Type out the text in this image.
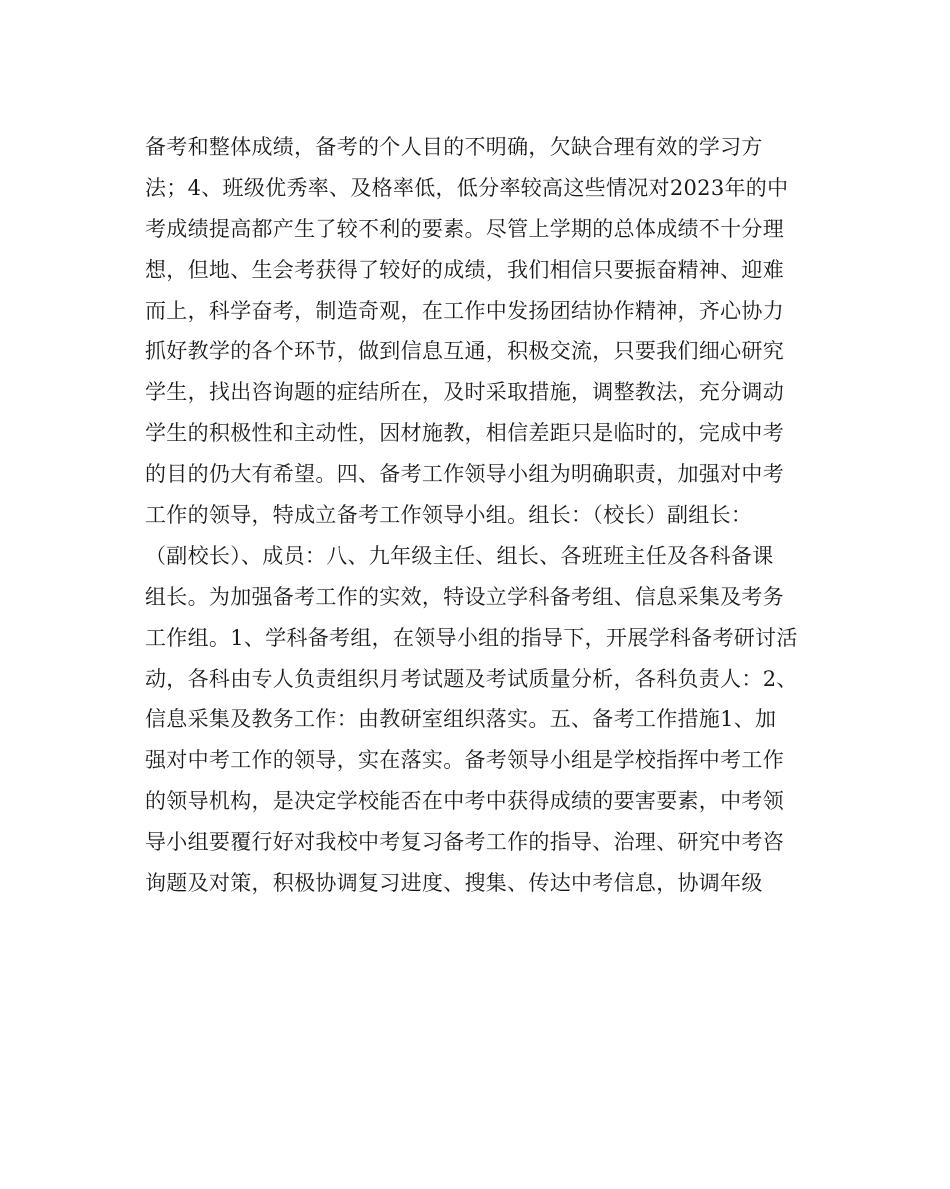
备考和整体成绩，备考的个人目的不明确，欠缺合理有效的学习方
法；4、班级优秀率、及格率低，低分率较高这些情况对2023年的中
考成绩提高都产生了较不利的要素。尽管上学期的总体成绩不十分理
想，但地、生会考获得了较好的成绩，我们相信只要振奋精神、迎难
而上，科学奋考，制造奇观，在工作中发扬团结协作精神，齐心协力
抓好教学的各个环节，做到信息互通，积极交流，只要我们细心研究
学生，找出咨询题的症结所在，及时采取措施，调整教法，充分调动
学生的积极性和主动性，因材施教，相信差距只是临时的，完成中考
的目的仍大有希望。四、备考工作领导小组为明确职责，加强对中考
工作的领导，特成立备考工作领导小组。组长：（校长）副组长：
（副校长）、成员：八、九年级主任、组长、各班班主任及各科备课
组长。为加强备考工作的实效，特设立学科备考组、信息采集及考务
工作组。1、学科备考组，在领导小组的指导下，开展学科备考研讨活
动，各科由专人负责组织月考试题及考试质量分析，各科负责人：2、
信息采集及教务工作：由教研室组织落实。五、备考工作措施1、加
强对中考工作的领导，实在落实。备考领导小组是学校指挥中考工作
的领导机构，是决定学校能否在中考中获得成绩的要害要素，中考领
导小组要覆行好对我校中考复习备考工作的指导、治理、研究中考咨
询题及对策，积极协调复习进度、搜集、传达中考信息，协调年级
